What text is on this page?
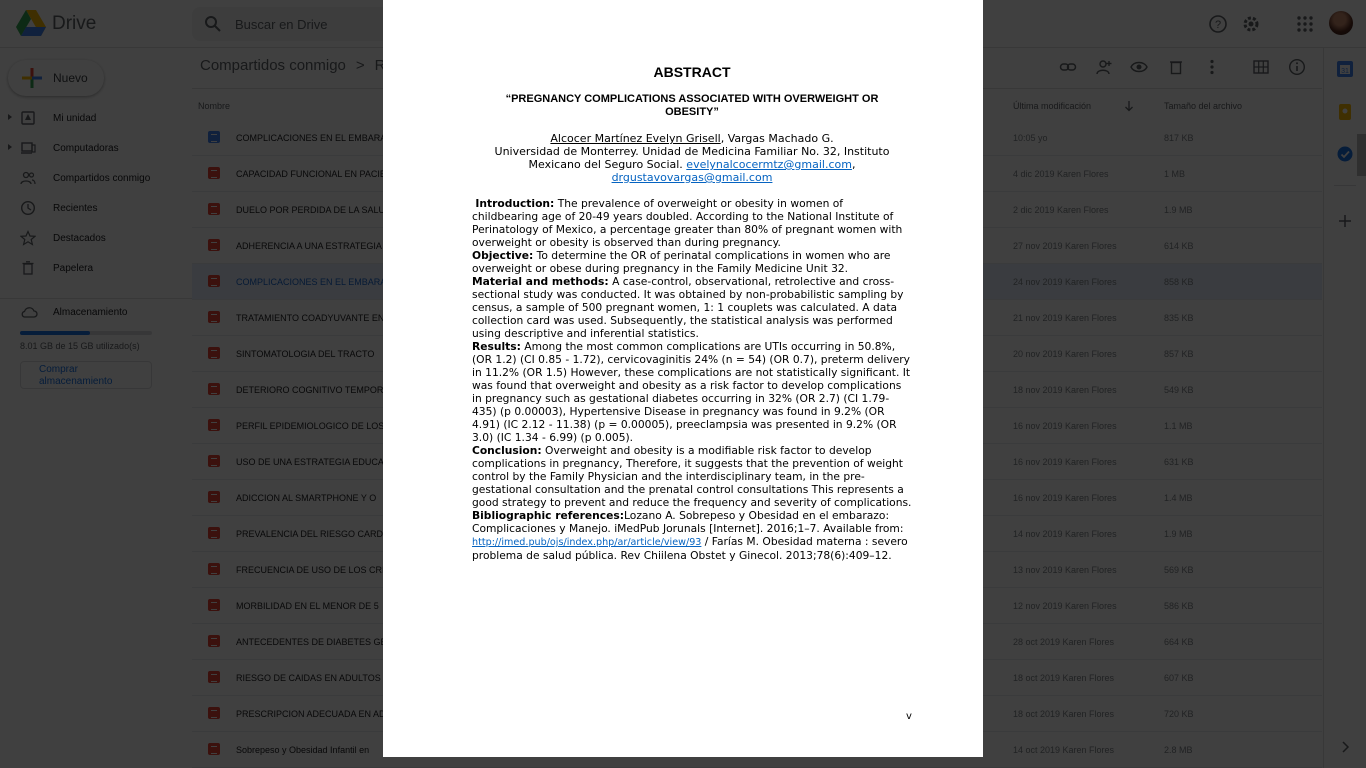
ABSTRACT
“PREGNANCY COMPLICATIONS ASSOCIATED WITH OVERWEIGHT OR OBESITY”
Alcocer Martínez Evelyn Grisell, Vargas Machado G.
Universidad de Monterrey. Unidad de Medicina Familiar No. 32, Instituto Mexicano del Seguro Social. evelynalcocermtz@gmail.com,
drgustavovargas@gmail.com

Introduction: The prevalence of overweight or obesity in women of childbearing age of 20-49 years doubled. According to the National Institute of Perinatology of Mexico, a percentage greater than 80% of pregnant women with overweight or obesity is observed than during pregnancy.

Objective: To determine the OR of perinatal complications in women who are overweight or obese during pregnancy in the Family Medicine Unit 32.

Material and methods: A case-control, observational, retrolective and cross-sectional study was conducted. It was obtained by non-probabilistic sampling by census, a sample of 500 pregnant women, 1: 1 couplets was calculated. A data collection card was used. Subsequently, the statistical analysis was performed using descriptive and inferential statistics.

Results: Among the most common complications are UTIs occurring in 50.8%, (OR 1.2) (CI 0.85 - 1.72), cervicovaginitis 24% (n = 54) (OR 0.7), preterm delivery in 11.2% (OR 1.5) However, these complications are not statistically significant. It was found that overweight and obesity as a risk factor to develop complications in pregnancy such as gestational diabetes occurring in 32% (OR 2.7) (CI 1.79-435) (p 0.00003), Hypertensive Disease in pregnancy was found in 9.2% (OR 4.91) (IC 2.12 - 11.38) (p = 0.00005), preeclampsia was presented in 9.2% (OR 3.0) (IC 1.34 - 6.99) (p 0.005).

Conclusion: Overweight and obesity is a modifiable risk factor to develop complications in pregnancy, Therefore, it suggests that the prevention of weight control by the Family Physician and the interdisciplinary team, in the pre-gestational consultation and the prenatal control consultations This represents a good strategy to prevent and reduce the frequency and severity of complications.

Bibliographic references:Lozano A. Sobrepeso y Obesidad en el embarazo: Complicaciones y Manejo. iMedPub Jorunals [Internet]. 2016;1–7. Available from: http://imed.pub/ojs/index.php/ar/article/view/93 / Farías M. Obesidad materna : severo problema de salud pública. Rev Chiilena Obstet y Ginecol. 2013;78(6):409–12.

v
